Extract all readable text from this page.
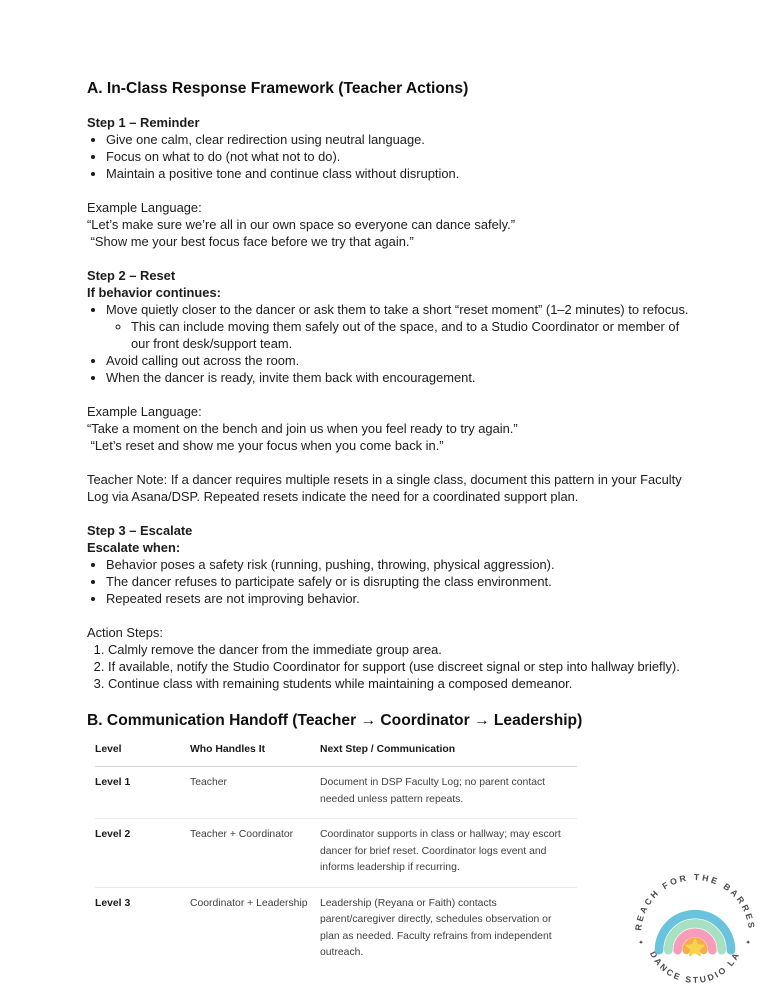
A. In-Class Response Framework (Teacher Actions)
Step 1 – Reminder
• Give one calm, clear redirection using neutral language.
• Focus on what to do (not what not to do).
• Maintain a positive tone and continue class without disruption.
Example Language:
“Let’s make sure we’re all in our own space so everyone can dance safely.”
“Show me your best focus face before we try that again.”
Step 2 – Reset
If behavior continues:
• Move quietly closer to the dancer or ask them to take a short “reset moment” (1–2 minutes) to refocus.
◦ This can include moving them safely out of the space, and to a Studio Coordinator or member of our front desk/support team.
• Avoid calling out across the room.
• When the dancer is ready, invite them back with encouragement.
Example Language:
“Take a moment on the bench and join us when you feel ready to try again.”
“Let’s reset and show me your focus when you come back in.”
Teacher Note: If a dancer requires multiple resets in a single class, document this pattern in your Faculty Log via Asana/DSP. Repeated resets indicate the need for a coordinated support plan.
Step 3 – Escalate
Escalate when:
• Behavior poses a safety risk (running, pushing, throwing, physical aggression).
• The dancer refuses to participate safely or is disrupting the class environment.
• Repeated resets are not improving behavior.
Action Steps:
1. Calmly remove the dancer from the immediate group area.
2. If available, notify the Studio Coordinator for support (use discreet signal or step into hallway briefly).
3. Continue class with remaining students while maintaining a composed demeanor.
B. Communication Handoff (Teacher → Coordinator → Leadership)
Level	Who Handles It	Next Step / Communication
Level 1	Teacher	Document in DSP Faculty Log; no parent contact needed unless pattern repeats.
Level 2	Teacher + Coordinator	Coordinator supports in class or hallway; may escort dancer for brief reset. Coordinator logs event and informs leadership if recurring.
Level 3	Coordinator + Leadership	Leadership (Reyana or Faith) contacts parent/caregiver directly, schedules observation or plan as needed. Faculty refrains from independent outreach.
REACH FOR THE BARRES
DANCE STUDIO LA
✦	✦
